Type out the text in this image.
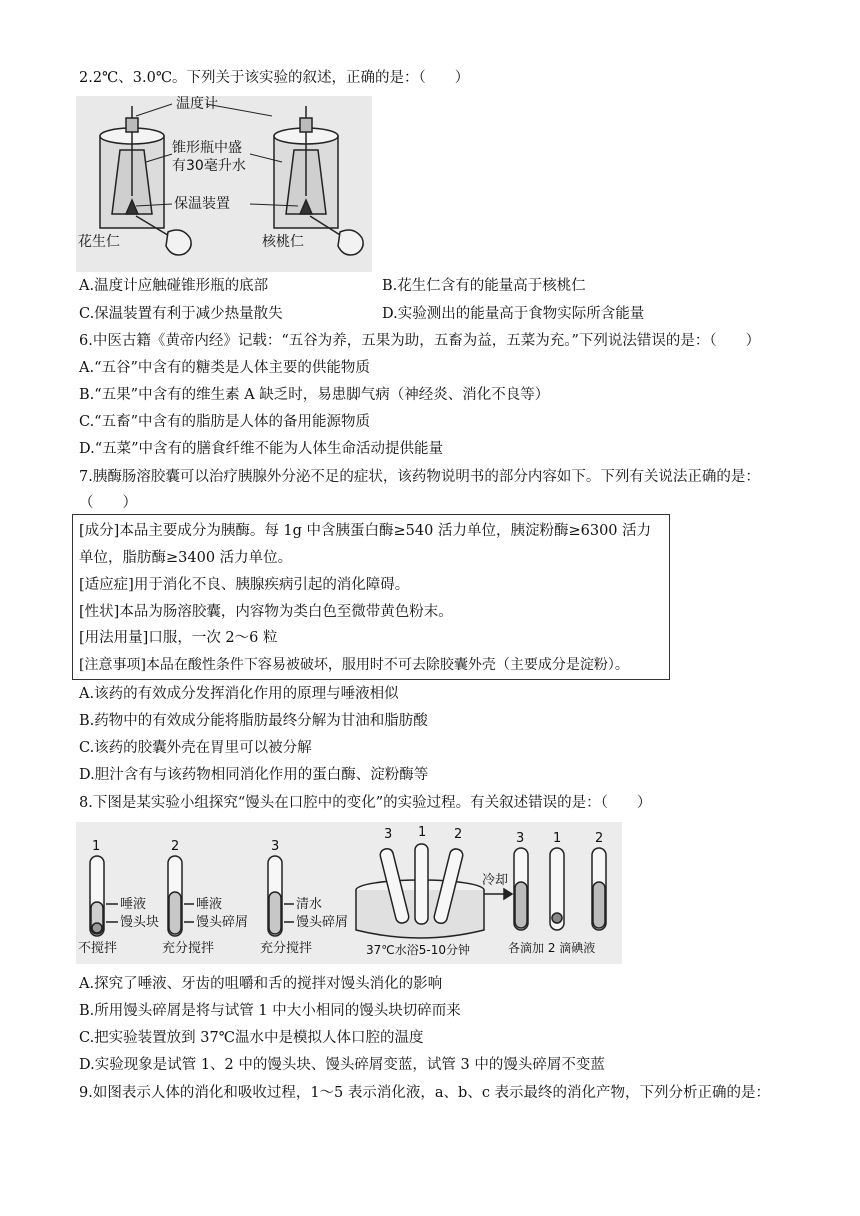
2.2℃、3.0℃。下列关于该实验的叙述，正确的是：（　　）
温度计
锥形瓶中盛
有30毫升水
保温装置
花生仁	核桃仁
A.温度计应触碰锥形瓶的底部	B.花生仁含有的能量高于核桃仁
C.保温装置有利于减少热量散失	D.实验测出的能量高于食物实际所含能量
6.中医古籍《黄帝内经》记载：“五谷为养，五果为助，五畜为益，五菜为充。”下列说法错误的是：（　　）
A.“五谷”中含有的糖类是人体主要的供能物质
B.“五果”中含有的维生素 A 缺乏时，易患脚气病（神经炎、消化不良等）
C.“五畜”中含有的脂肪是人体的备用能源物质
D.“五菜”中含有的膳食纤维不能为人体生命活动提供能量
7.胰酶肠溶胶囊可以治疗胰腺外分泌不足的症状，该药物说明书的部分内容如下。下列有关说法正确的是：
（　　）
[成分]本品主要成分为胰酶。每 1g 中含胰蛋白酶≥540 活力单位，胰淀粉酶≥6300 活力
单位，脂肪酶≥3400 活力单位。
[适应症]用于消化不良、胰腺疾病引起的消化障碍。
[性状]本品为肠溶胶囊，内容物为类白色至微带黄色粉末。
[用法用量]口服，一次 2～6 粒
[注意事项]本品在酸性条件下容易被破坏，服用时不可去除胶囊外壳（主要成分是淀粉）。
A.该药的有效成分发挥消化作用的原理与唾液相似
B.药物中的有效成分能将脂肪最终分解为甘油和脂肪酸
C.该药的胶囊外壳在胃里可以被分解
D.胆汁含有与该药物相同消化作用的蛋白酶、淀粉酶等
8.下图是某实验小组探究“馒头在口腔中的变化”的实验过程。有关叙述错误的是：（　　）
1	2	3
唾液
馒头块
不搅拌
唾液
馒头碎屑
充分搅拌
清水
馒头碎屑
充分搅拌
3 1 2
37℃水浴5-10分钟
冷却
3 1	2
各滴加 2 滴碘液
A.探究了唾液、牙齿的咀嚼和舌的搅拌对馒头消化的影响
B.所用馒头碎屑是将与试管 1 中大小相同的馒头块切碎而来
C.把实验装置放到 37℃温水中是模拟人体口腔的温度
D.实验现象是试管 1、2 中的馒头块、馒头碎屑变蓝，试管 3 中的馒头碎屑不变蓝
9.如图表示人体的消化和吸收过程，1～5 表示消化液，a、b、c 表示最终的消化产物，下列分析正确的是：
